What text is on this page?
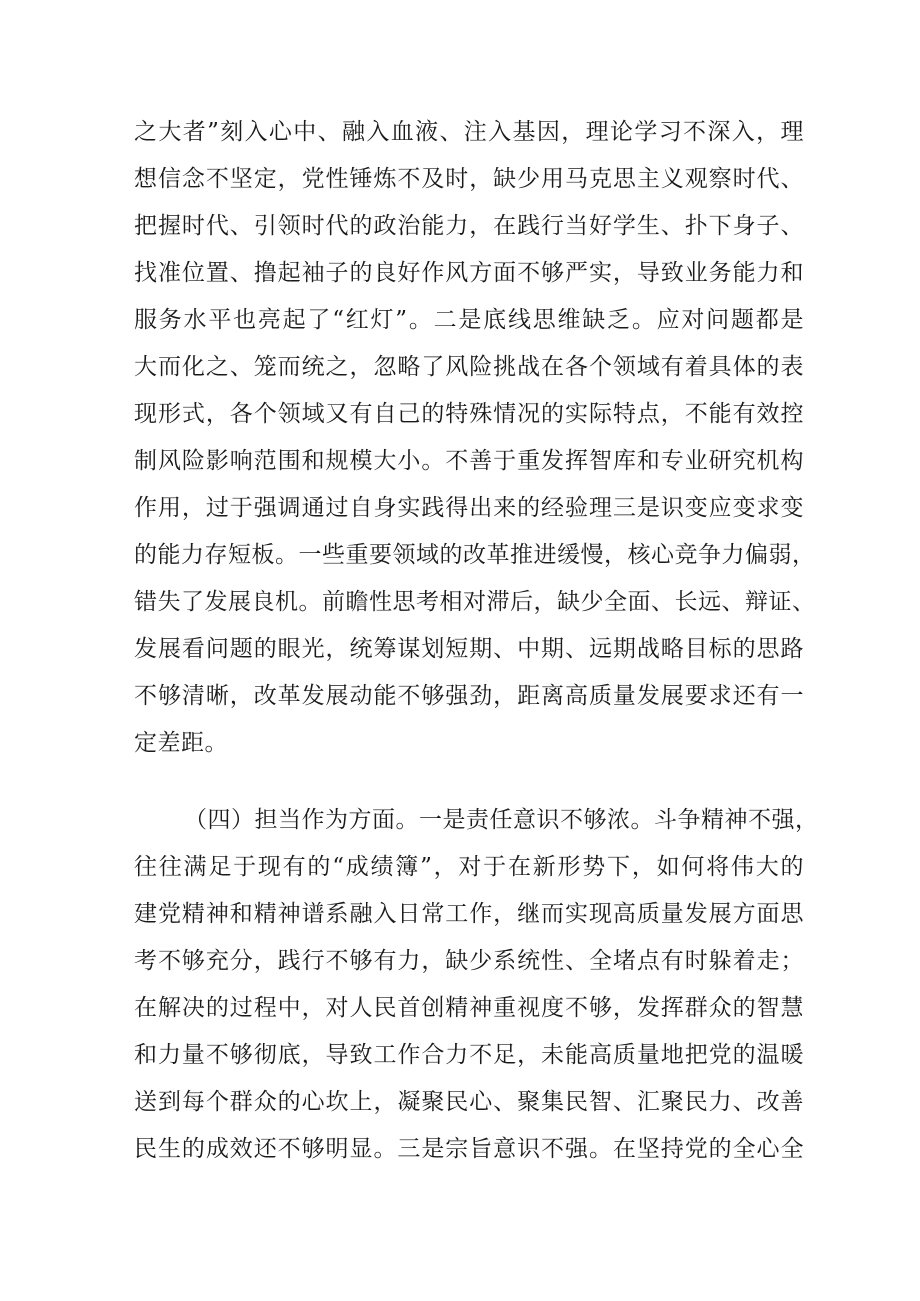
之大者”刻入心中、融入血液、注入基因，理论学习不深入，理
想信念不坚定，党性锤炼不及时，缺少用马克思主义观察时代、
把握时代、引领时代的政治能力，在践行当好学生、扑下身子、
找准位置、撸起袖子的良好作风方面不够严实，导致业务能力和
服务水平也亮起了“红灯”。二是底线思维缺乏。应对问题都是
大而化之、笼而统之，忽略了风险挑战在各个领域有着具体的表
现形式，各个领域又有自己的特殊情况的实际特点，不能有效控
制风险影响范围和规模大小。不善于重发挥智库和专业研究机构
作用，过于强调通过自身实践得出来的经验理三是识变应变求变
的能力存短板。一些重要领域的改革推进缓慢，核心竞争力偏弱，
错失了发展良机。前瞻性思考相对滞后，缺少全面、长远、辩证、
发展看问题的眼光，统筹谋划短期、中期、远期战略目标的思路
不够清晰，改革发展动能不够强劲，距离高质量发展要求还有一
定差距。
（四）担当作为方面。一是责任意识不够浓。斗争精神不强，
往往满足于现有的“成绩簿”，对于在新形势下，如何将伟大的
建党精神和精神谱系融入日常工作，继而实现高质量发展方面思
考不够充分，践行不够有力，缺少系统性、全堵点有时躲着走；
在解决的过程中，对人民首创精神重视度不够，发挥群众的智慧
和力量不够彻底，导致工作合力不足，未能高质量地把党的温暖
送到每个群众的心坎上，凝聚民心、聚集民智、汇聚民力、改善
民生的成效还不够明显。三是宗旨意识不强。在坚持党的全心全
